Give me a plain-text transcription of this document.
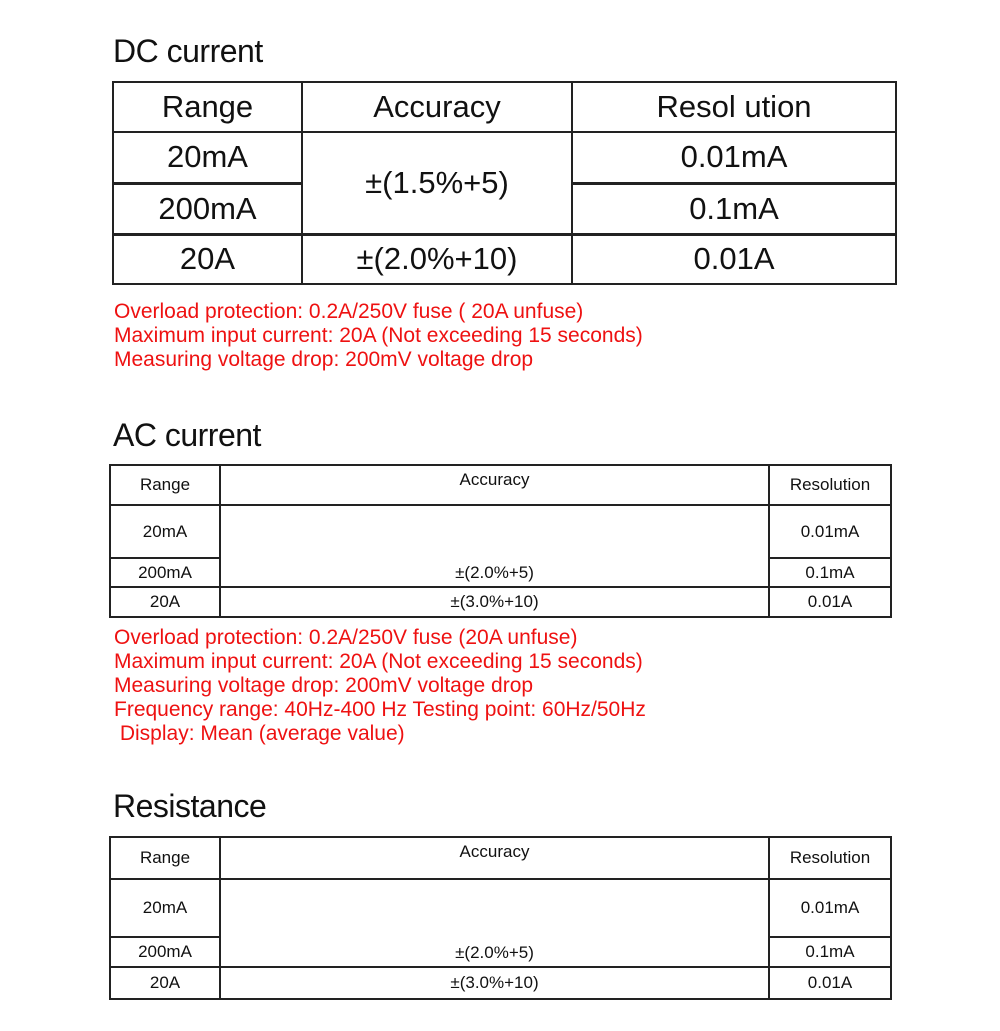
DC current
Range	Accuracy	Resol ution
20mA	±(1.5%+5)	0.01mA
200mA		0.1mA
20A	±(2.0%+10)	0.01A
Overload protection: 0.2A/250V fuse ( 20A unfuse)
Maximum input current: 20A (Not exceeding 15 seconds)
Measuring voltage drop: 200mV voltage drop
AC current
Range	Accuracy	Resolution
20mA	±(2.0%+5)	0.01mA
200mA		0.1mA
20A	±(3.0%+10)	0.01A
Overload protection: 0.2A/250V fuse (20A unfuse)
Maximum input current: 20A (Not exceeding 15 seconds)
Measuring voltage drop: 200mV voltage drop
Frequency range: 40Hz-400 Hz Testing point: 60Hz/50Hz
Display: Mean (average value)
Resistance
Range	Accuracy	Resolution
20mA	±(2.0%+5)	0.01mA
200mA		0.1mA
20A	±(3.0%+10)	0.01A
